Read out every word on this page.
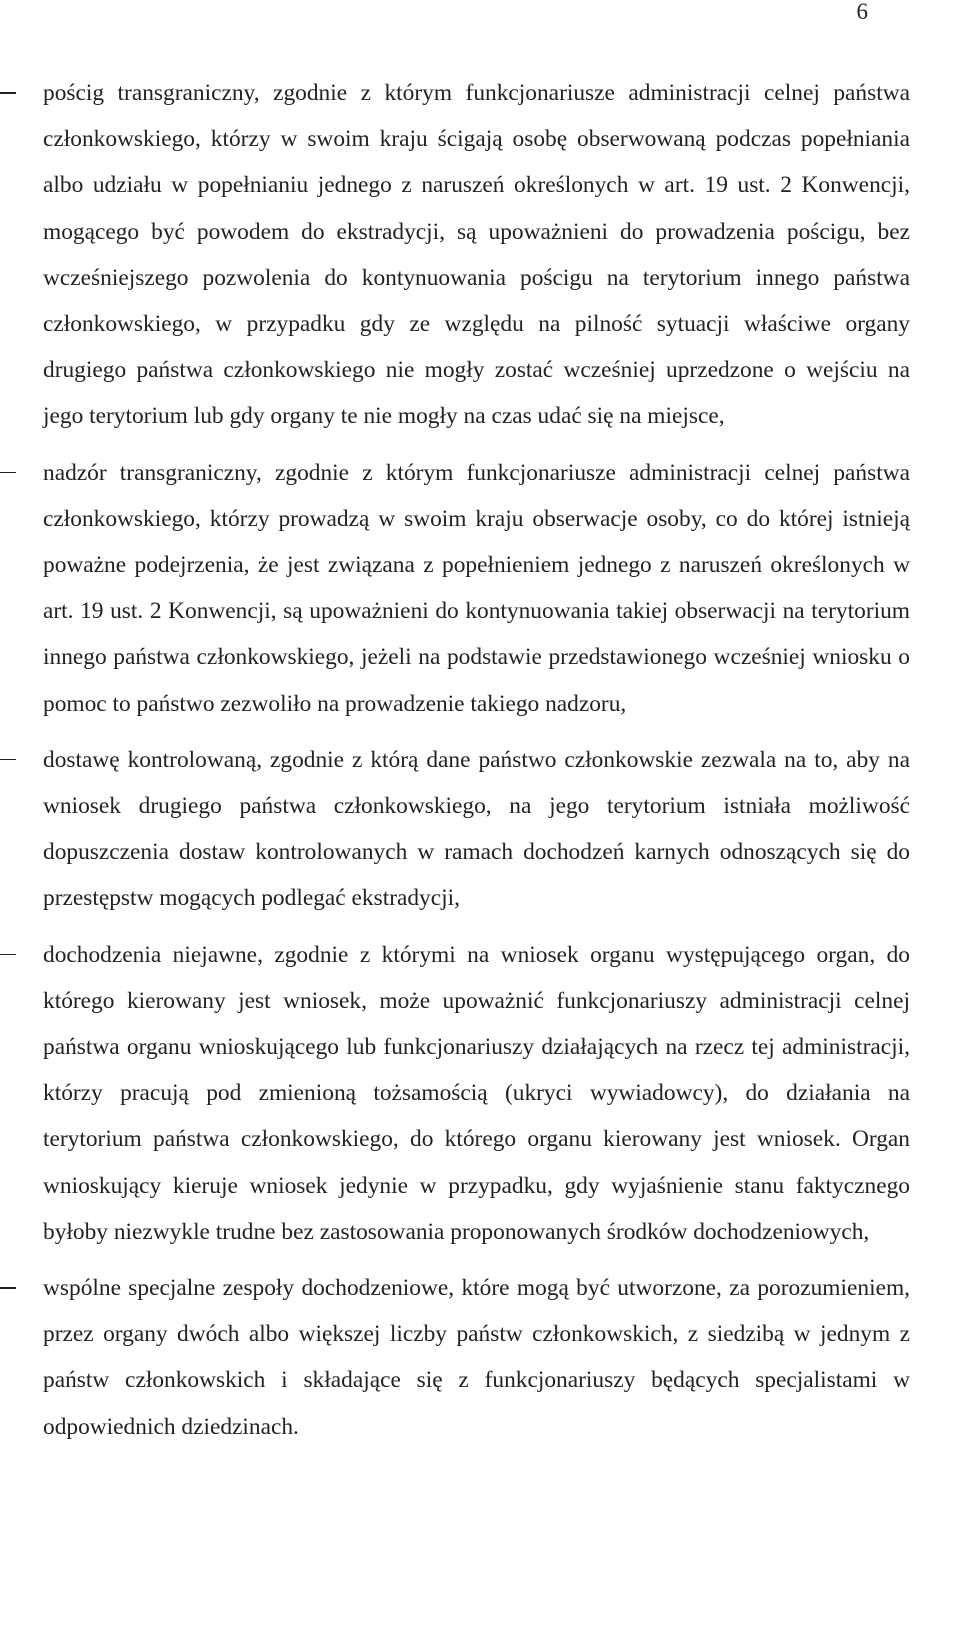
6
pościg transgraniczny, zgodnie z którym funkcjonariusze administracji celnej państwa członkowskiego, którzy w swoim kraju ścigają osobę obserwowaną podczas popełniania albo udziału w popełnianiu jednego z naruszeń określonych w art. 19 ust. 2 Konwencji, mogącego być powodem do ekstradycji, są upoważnieni do prowadzenia pościgu, bez wcześniejszego pozwolenia do kontynuowania pościgu na terytorium innego państwa członkowskiego, w przypadku gdy ze względu na pilność sytuacji właściwe organy drugiego państwa członkowskiego nie mogły zostać wcześniej uprzedzone o wejściu na jego terytorium lub gdy organy te nie mogły na czas udać się na miejsce,
nadzór transgraniczny, zgodnie z którym funkcjonariusze administracji celnej państwa członkowskiego, którzy prowadzą w swoim kraju obserwacje osoby, co do której istnieją poważne podejrzenia, że jest związana z popełnieniem jednego z naruszeń określonych w art. 19 ust. 2 Konwencji, są upoważnieni do kontynuowania takiej obserwacji na terytorium innego państwa członkowskiego, jeżeli na podstawie przedstawionego wcześniej wniosku o pomoc to państwo zezwoliło na prowadzenie takiego nadzoru,
dostawę kontrolowaną, zgodnie z którą dane państwo członkowskie zezwala na to, aby na wniosek drugiego państwa członkowskiego, na jego terytorium istniała możliwość dopuszczenia dostaw kontrolowanych w ramach dochodzeń karnych odnoszących się do przestępstw mogących podlegać ekstradycji,
dochodzenia niejawne, zgodnie z którymi na wniosek organu występującego organ, do którego kierowany jest wniosek, może upoważnić funkcjonariuszy administracji celnej państwa organu wnioskującego lub funkcjonariuszy działających na rzecz tej administracji, którzy pracują pod zmienioną tożsamością (ukryci wywiadowcy), do działania na terytorium państwa członkowskiego, do którego organu kierowany jest wniosek. Organ wnioskujący kieruje wniosek jedynie w przypadku, gdy wyjaśnienie stanu faktycznego byłoby niezwykle trudne bez zastosowania proponowanych środków dochodzeniowych,
wspólne specjalne zespoły dochodzeniowe, które mogą być utworzone, za porozumieniem, przez organy dwóch albo większej liczby państw członkowskich, z siedzibą w jednym z państw członkowskich i składające się z funkcjonariuszy będących specjalistami w odpowiednich dziedzinach.
